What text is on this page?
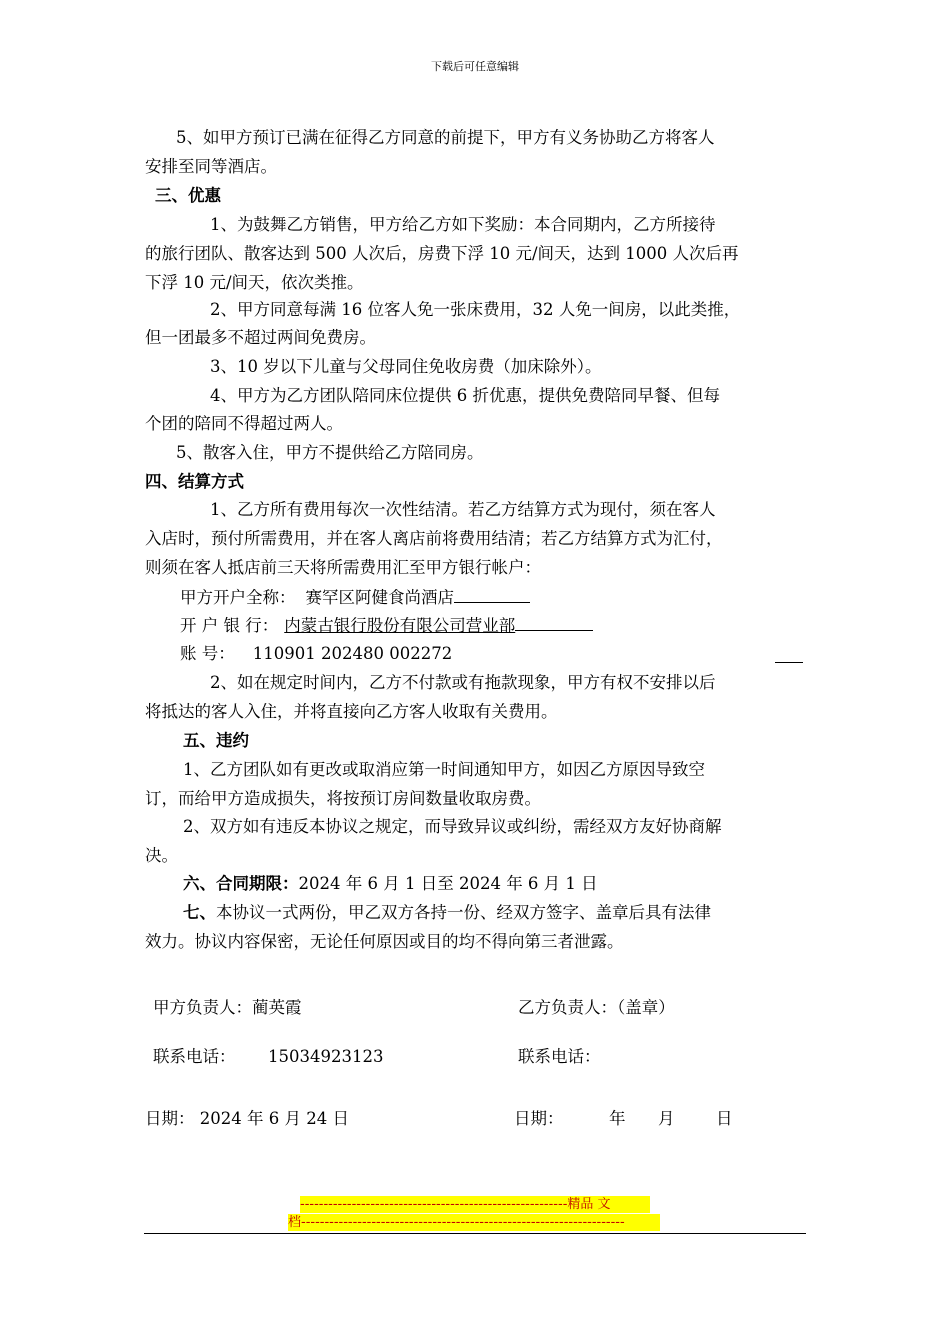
下载后可任意编辑
5、如甲方预订已满在征得乙方同意的前提下，甲方有义务协助乙方将客人
安排至同等酒店。
三、优惠
1、为鼓舞乙方销售，甲方给乙方如下奖励：本合同期内，乙方所接待
的旅行团队、散客达到 500 人次后，房费下浮 10 元/间天，达到 1000 人次后再
下浮 10 元/间天，依次类推。
2、甲方同意每满 16 位客人免一张床费用，32 人免一间房，以此类推，
但一团最多不超过两间免费房。
3、10 岁以下儿童与父母同住免收房费（加床除外）。
4、甲方为乙方团队陪同床位提供 6 折优惠，提供免费陪同早餐、但每
个团的陪同不得超过两人。
5、散客入住，甲方不提供给乙方陪同房。
四、结算方式
1、乙方所有费用每次一次性结清。若乙方结算方式为现付，须在客人
入店时，预付所需费用，并在客人离店前将费用结清；若乙方结算方式为汇付，
则须在客人抵店前三天将所需费用汇至甲方银行帐户：
甲方开户全称： 赛罕区阿健食尚酒店
开 户 银 行： 内蒙古银行股份有限公司营业部
账 号： 110901 202480 002272
2、如在规定时间内，乙方不付款或有拖款现象，甲方有权不安排以后
将抵达的客人入住，并将直接向乙方客人收取有关费用。
五、违约
1、乙方团队如有更改或取消应第一时间通知甲方，如因乙方原因导致空
订，而给甲方造成损失，将按预订房间数量收取房费。
2、双方如有违反本协议之规定，而导致异议或纠纷，需经双方友好协商解
决。
六、合同期限：2024 年 6 月 1 日至 2024 年 6 月 1 日
七、本协议一式两份，甲乙双方各持一份、经双方签字、盖章后具有法律
效力。协议内容保密，无论任何原因或目的均不得向第三者泄露。
甲方负责人：蔺英霞	乙方负责人：（盖章）
联系电话： 15034923123	联系电话：
日期： 2024 年 6 月 24 日	日期：	年 月	日
---------------------------------------------------------精品 文
档---------------------------------------------------------------------
